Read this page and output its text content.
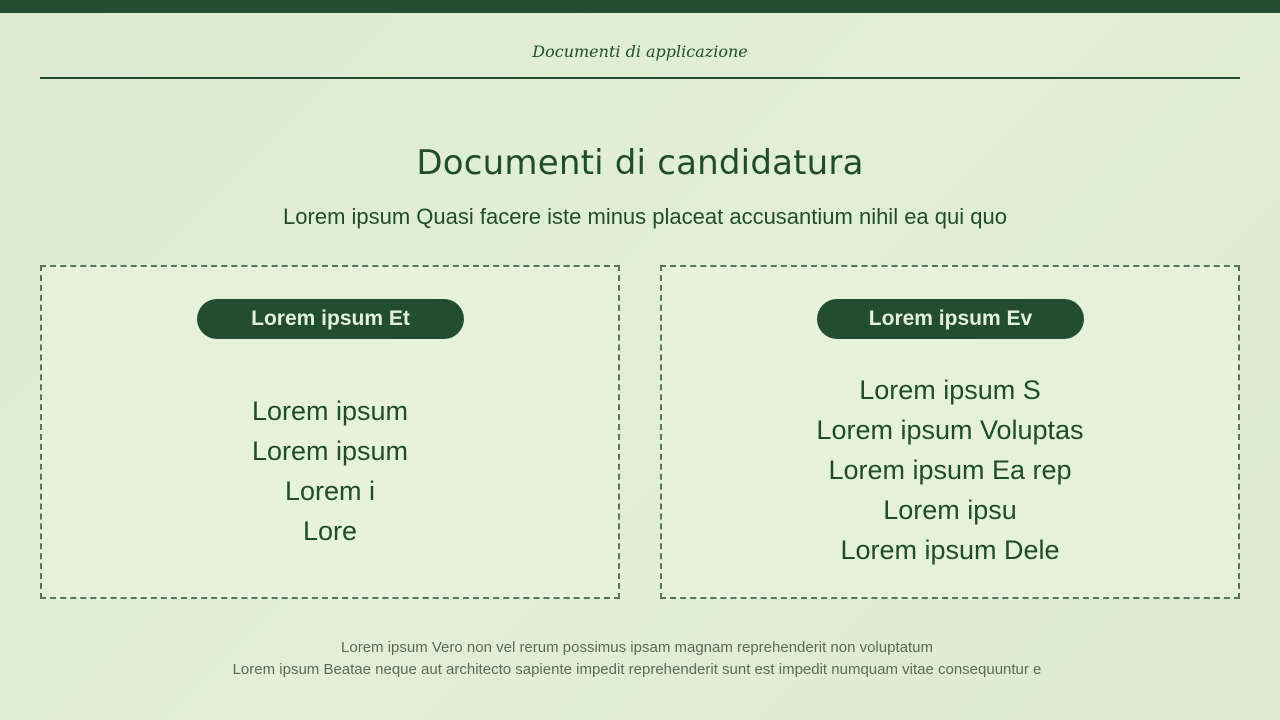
Documenti di applicazione
Documenti di candidatura
Lorem ipsum Quasi facere iste minus placeat accusantium nihil ea qui quo
Lorem ipsum Et
Lorem ipsum
Lorem ipsum
Lorem i
Lore
Lorem ipsum Ev
Lorem ipsum S
Lorem ipsum Voluptas
Lorem ipsum Ea rep
Lorem ipsu
Lorem ipsum Dele
Lorem ipsum Vero non vel rerum possimus ipsam magnam reprehenderit non voluptatum
Lorem ipsum Beatae neque aut architecto sapiente impedit reprehenderit sunt est impedit numquam vitae consequuntur e
